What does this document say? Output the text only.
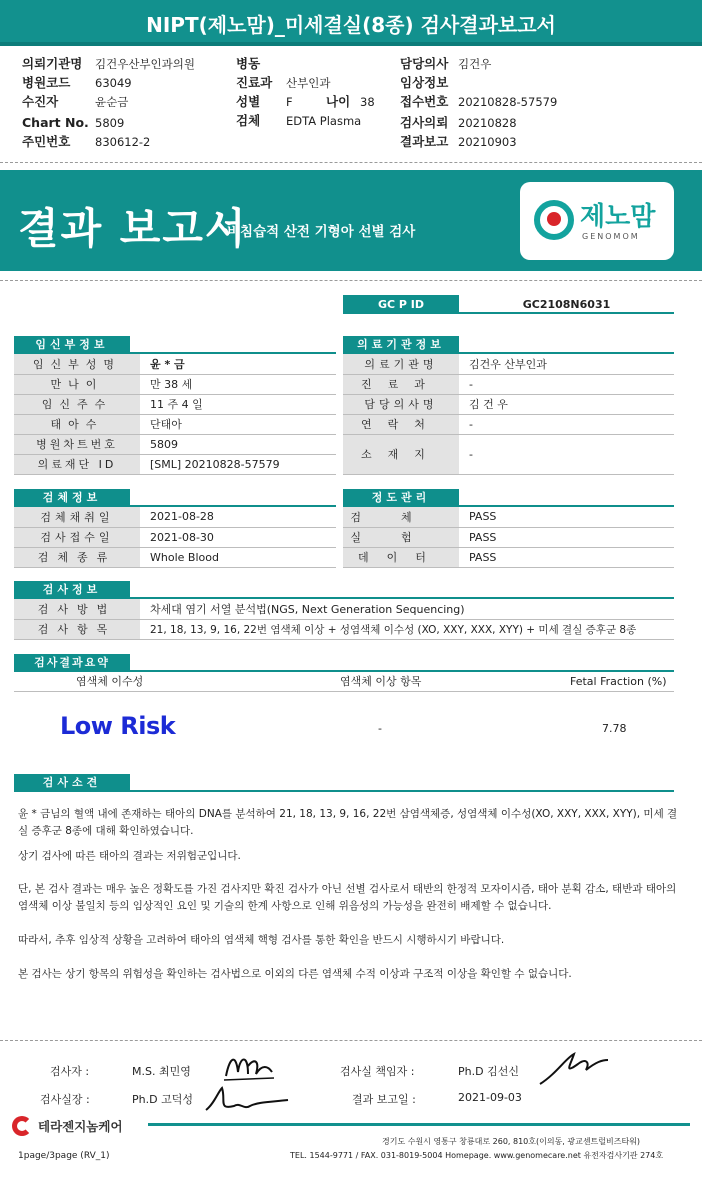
NIPT(제노맘)_미세결실(8종) 검사결과보고서
의뢰기관명 김건우산부인과의원
병원코드 63049
수진자	윤순금
Chart No. 5809
주민번호 830612-2
병동
진료과 산부인과
성별 F	나이 38
검체 EDTA Plasma
담당의사 김건우
임상정보
접수번호 20210828-57579
검사의뢰 20210828
결과보고 20210903
결과 보고서
비침습적 산전 기형아 선별 검사	제노맘
GENOMOM
GC P ID	GC2108N6031
임신부정보
임신부성명	윤 * 금
만나이	만 38 세
임신주수	11 주 4 일
태아수	단태아
병원차트번호	5809
의료재단 ID	[SML] 20210828-57579
의료기관정보
의료기관명	김건우 산부인과
진료과	-
담당의사명	김 건 우
연락처	-
소재지	-
검체정보
검체채취일	2021-08-28
검사접수일	2021-08-30
검체종류	Whole Blood
정도관리
검체	PASS
실험	PASS
데이터	PASS
검사정보
검사방법	차세대 염기 서열 분석법(NGS, Next Generation Sequencing)
검사항목	21, 18, 13, 9, 16, 22번 염색체 이상 + 성염색체 이수성 (XO, XXY, XXX, XYY) + 미세 결실 증후군 8종
검사결과요약
염색체 이수성	염색체 이상 항목	Fetal Fraction (%)
Low Risk	-	7.78
검사소견
윤 * 금님의 혈액 내에 존재하는 태아의 DNA를 분석하여 21, 18, 13, 9, 16, 22번 삼염색체증, 성염색체 이수성(XO, XXY, XXX, XYY), 미세 결실 증후군 8종에 대해 확인하였습니다.
상기 검사에 따른 태아의 결과는 저위험군입니다.
단, 본 검사 결과는 매우 높은 정확도를 가진 검사지만 확진 검사가 아닌 선별 검사로서 태반의 한정적 모자이시즘, 태아 분획 감소, 태반과 태아의 염색체 이상 불일치 등의 임상적인 요인 및 기술의 한계 사항으로 인해 위음성의 가능성을 완전히 배제할 수 없습니다.
따라서, 추후 임상적 상황을 고려하여 태아의 염색체 핵형 검사를 통한 확인을 반드시 시행하시기 바랍니다.
본 검사는 상기 항목의 위험성을 확인하는 검사법으로 이외의 다른 염색체 수적 이상과 구조적 이상을 확인할 수 없습니다.
검사자 :	M.S. 최민영	검사실 책임자 :	Ph.D 김선신
검사실장 :	Ph.D 고덕성	결과 보고일 :	2021-09-03
테라젠지놈케어
경기도 수원시 영통구 창룡대로 260, 810호(이의동, 광교센트럴비즈타워)
TEL. 1544-9771 / FAX. 031-8019-5004 Homepage. www.genomecare.net 유전자검사기관 274호
1page/3page (RV_1)
